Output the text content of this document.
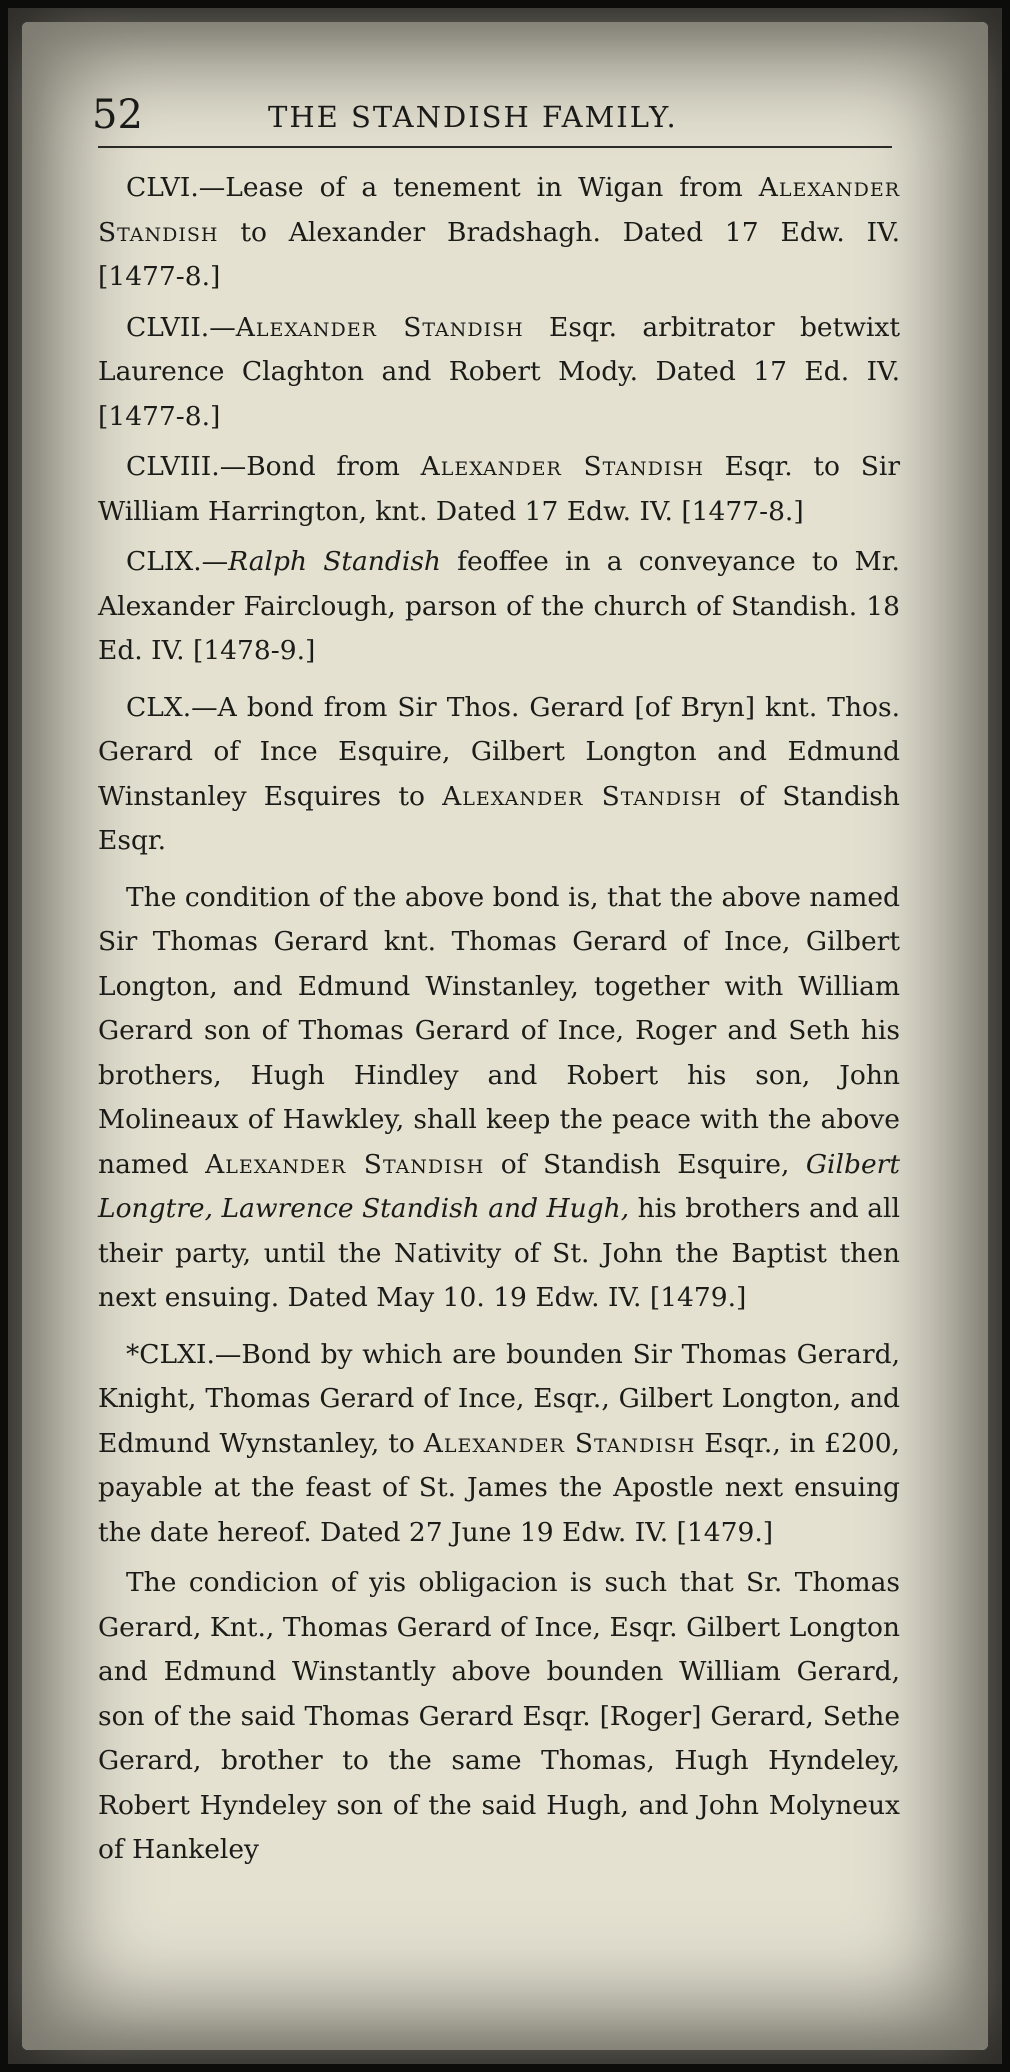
52	THE STANDISH FAMILY.

CLVI.—Lease of a tenement in Wigan from Alexander Standish to Alexander Bradshagh. Dated 17 Edw. IV. [1477-8.]

CLVII.—Alexander Standish Esqr. arbitrator betwixt Laurence Claghton and Robert Mody. Dated 17 Ed. IV. [1477-8.]

CLVIII.—Bond from Alexander Standish Esqr. to Sir William Harrington, knt. Dated 17 Edw. IV. [1477-8.]

CLIX.—Ralph Standish feoffee in a conveyance to Mr. Alexander Fairclough, parson of the church of Standish. 18 Ed. IV. [1478-9.]

CLX.—A bond from Sir Thos. Gerard [of Bryn] knt. Thos. Gerard of Ince Esquire, Gilbert Longton and Edmund Winstanley Esquires to Alexander Standish of Standish Esqr.

The condition of the above bond is, that the above named Sir Thomas Gerard knt. Thomas Gerard of Ince, Gilbert Longton, and Edmund Winstanley, together with William Gerard son of Thomas Gerard of Ince, Roger and Seth his brothers, Hugh Hindley and Robert his son, John Molineaux of Hawkley, shall keep the peace with the above named Alexander Standish of Standish Esquire, Gilbert Longtre, Lawrence Standish and Hugh, his brothers and all their party, until the Nativity of St. John the Baptist then next ensuing. Dated May 10. 19 Edw. IV. [1479.]

*CLXI.—Bond by which are bounden Sir Thomas Gerard, Knight, Thomas Gerard of Ince, Esqr., Gilbert Longton, and Edmund Wynstanley, to Alexander Standish Esqr., in £200, payable at the feast of St. James the Apostle next ensuing the date hereof. Dated 27 June 19 Edw. IV. [1479.]

The condicion of yis obligacion is such that Sr. Thomas Gerard, Knt., Thomas Gerard of Ince, Esqr. Gilbert Longton and Edmund Winstantly above bounden William Gerard, son of the said Thomas Gerard Esqr. [Roger] Gerard, Sethe Gerard, brother to the same Thomas, Hugh Hyndeley, Robert Hyndeley son of the said Hugh, and John Molyneux of Hankeley
